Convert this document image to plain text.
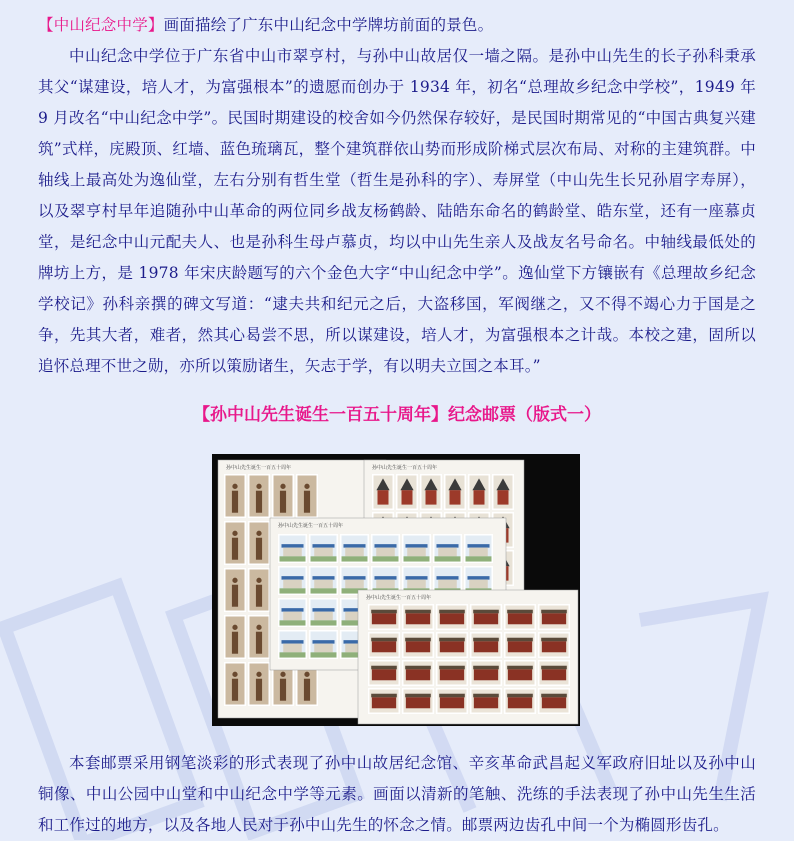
【中山纪念中学】画面描绘了广东中山纪念中学牌坊前面的景色。

中山纪念中学位于广东省中山市翠亨村，与孙中山故居仅一墙之隔。是孙中山先生的长子孙科秉承其父“谋建设，培人才，为富强根本”的遗愿而创办于 1934 年，初名“总理故乡纪念中学校”，1949 年 9 月改名“中山纪念中学”。民国时期建设的校舍如今仍然保存较好，是民国时期常见的“中国古典复兴建筑”式样，庑殿顶、红墙、蓝色琉璃瓦，整个建筑群依山势而形成阶梯式层次布局、对称的主建筑群。中轴线上最高处为逸仙堂，左右分别有哲生堂（哲生是孙科的字）、寿屏堂（中山先生长兄孙眉字寿屏），以及翠亨村早年追随孙中山革命的两位同乡战友杨鹤龄、陆皓东命名的鹤龄堂、皓东堂，还有一座慕贞堂，是纪念中山元配夫人、也是孙科生母卢慕贞，均以中山先生亲人及战友名号命名。中轴线最低处的牌坊上方，是 1978 年宋庆龄题写的六个金色大字“中山纪念中学”。逸仙堂下方镶嵌有《总理故乡纪念学校记》孙科亲撰的碑文写道：“逮夫共和纪元之后，大盗移国，军阀继之，又不得不竭心力于国是之争，先其大者，难者，然其心曷尝不思，所以谋建设，培人才，为富强根本之计哉。本校之建，固所以追怀总理不世之勋，亦所以策励诸生，矢志于学，有以明夫立国之本耳。”

【孙中山先生诞生一百五十周年】纪念邮票（版式一）
孙中山先生诞生一百五十周年	孙中山先生诞生一百五十周年
孙中山先生诞生一百五十周年
孙中山先生诞生一百五十周年

本套邮票采用钢笔淡彩的形式表现了孙中山故居纪念馆、辛亥革命武昌起义军政府旧址以及孙中山铜像、中山公园中山堂和中山纪念中学等元素。画面以清新的笔触、洗练的手法表现了孙中山先生生活和工作过的地方，以及各地人民对于孙中山先生的怀念之情。邮票两边齿孔中间一个为椭圆形齿孔。
